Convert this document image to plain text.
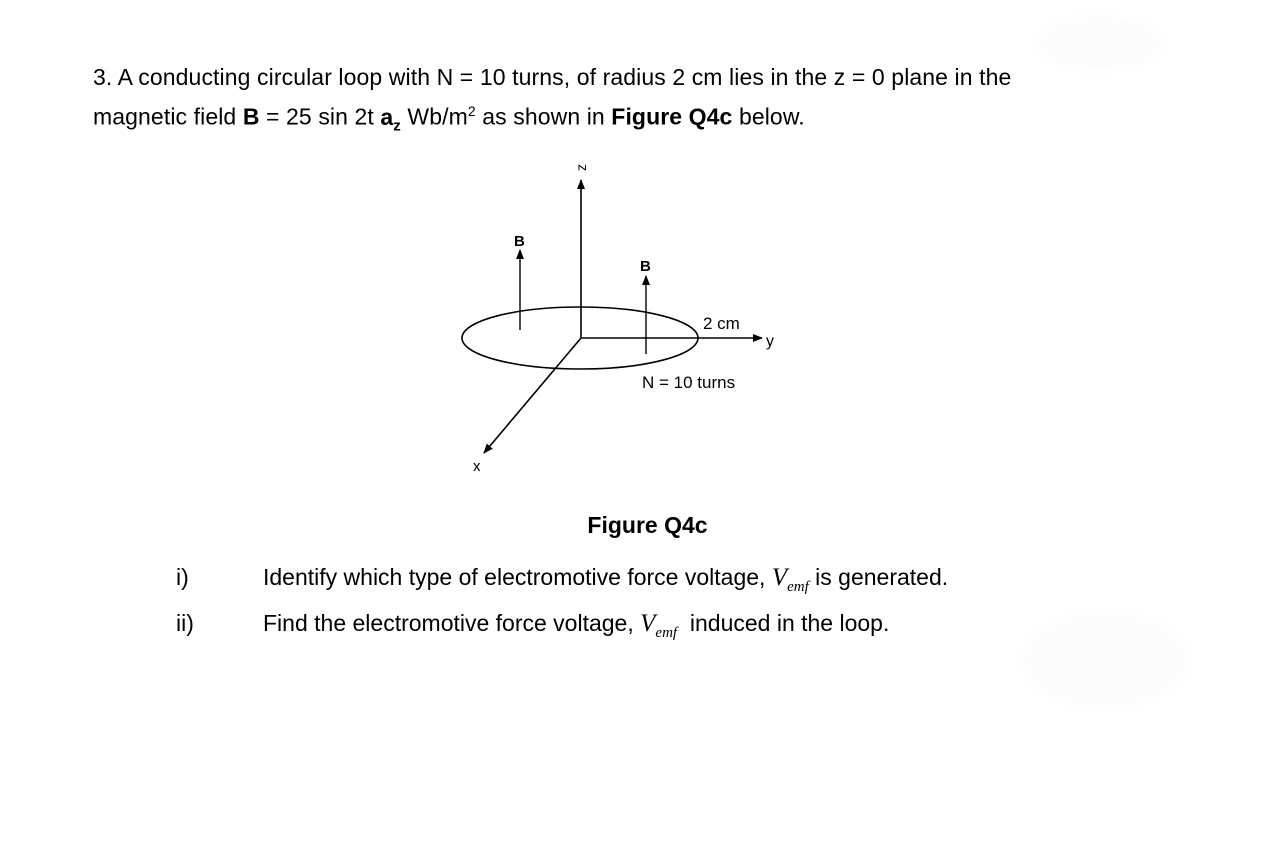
3. A conducting circular loop with N = 10 turns, of radius 2 cm lies in the z = 0 plane in the
magnetic field B = 25 sin 2t $a_z$ $Wb/m^2$ as shown in Figure Q4c below.
z
y
x
B
B
2 cm
N = 10 turns
Figure Q4c
i)	Identify which type of electromotive force voltage, $V_{emf}$ is generated.
ii)	Find the electromotive force voltage, $V_{emf}$  induced in the loop.
